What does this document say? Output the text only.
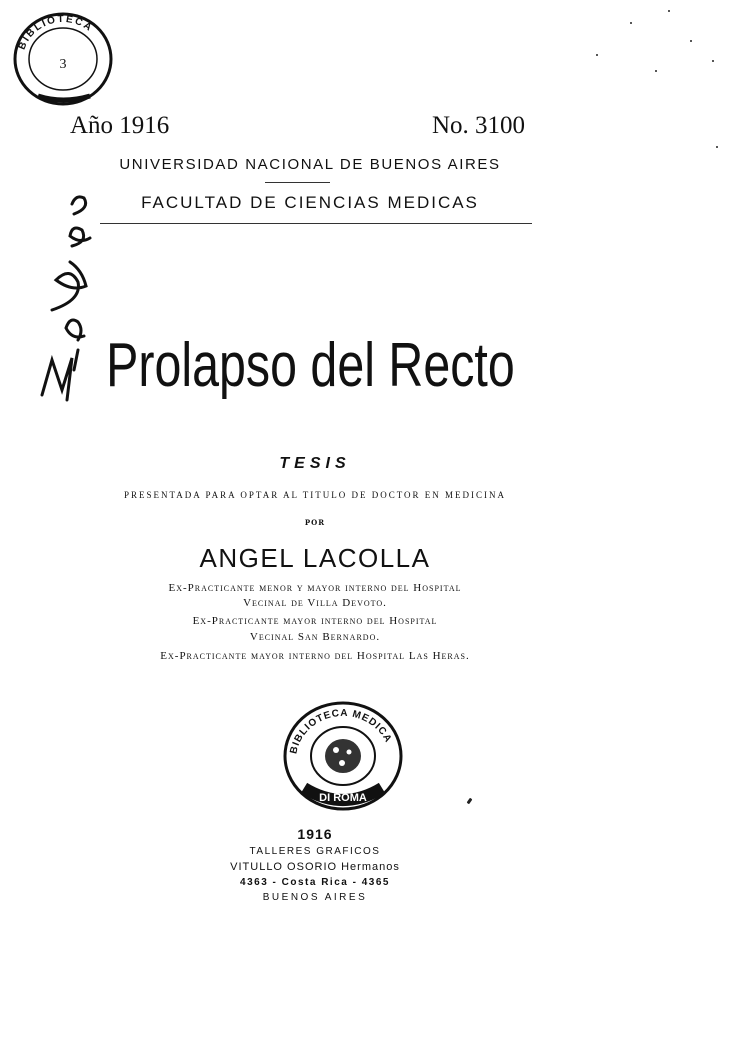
BIBLIOTECA
3
Año 1916	No. 3100
UNIVERSIDAD NACIONAL DE BUENOS AIRES
FACULTAD DE CIENCIAS MEDICAS
Prolapso del Recto
TESIS
PRESENTADA PARA OPTAR AL TITULO DE DOCTOR EN MEDICINA
POR
ANGEL LACOLLA
Ex-Practicante menor y mayor interno del Hospital
Vecinal de Villa Devoto.
Ex-Practicante mayor interno del Hospital
Vecinal San Bernardo.
Ex-Practicante mayor interno del Hospital Las Heras.
BIBLIOTECA MEDICA
DI ROMA
1916
TALLERES GRAFICOS
VITULLO OSORIO Hermanos
4363 - Costa Rica - 4365
BUENOS AIRES
